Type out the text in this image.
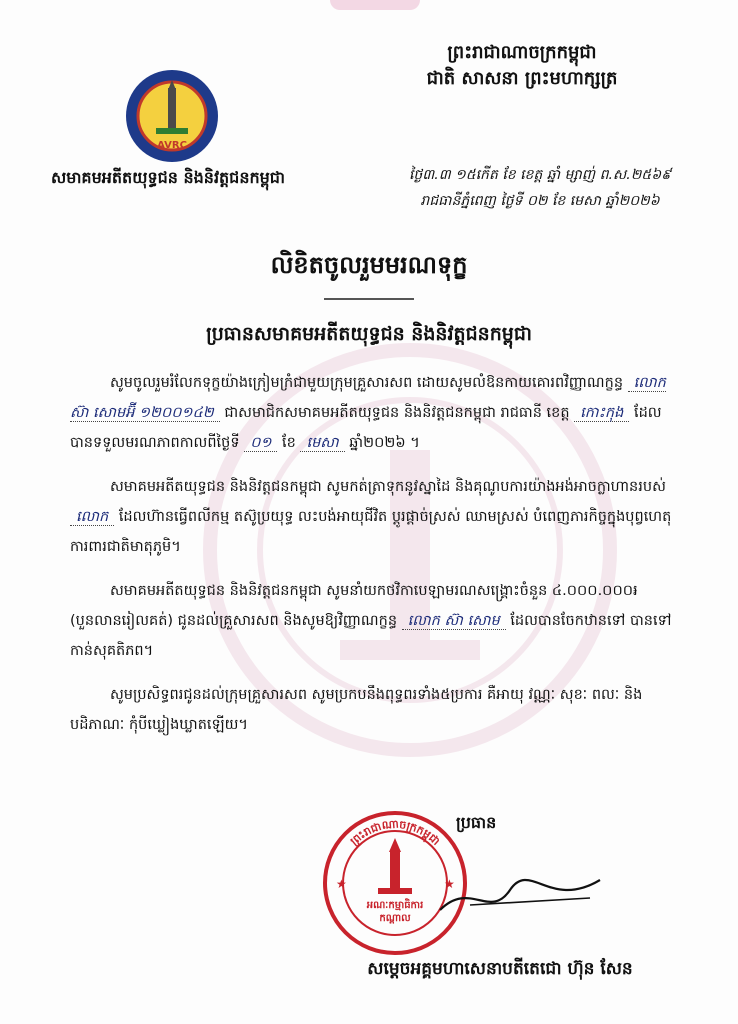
ព្រះរាជាណាចក្រកម្ពុជា
ជាតិ សាសនា ព្រះមហាក្សត្រ
AVRC
សមាគមអតីតយុទ្ធជន និងនិវត្តជនកម្ពុជា	ថ្ងៃ៣.៣ ១៥កើត ខែ ខេត្ត ឆ្នាំ ម្សាញ់ ព.ស.២៥៦៩
រាជធានីភ្នំពេញ ថ្ងៃទី ០២ ខែ មេសា ឆ្នាំ២០២៦
លិខិតចូលរួមមរណទុក្ខ
ប្រធានសមាគមអតីតយុទ្ធជន និងនិវត្តជនកម្ពុជា

សូមចូលរួមរំលែកទុក្ខយ៉ាងក្រៀមក្រំជាមួយក្រុមគ្រួសារសព ដោយសូមលំឱនកាយគោរពវិញ្ញាណក្ខន្ធ លោក ស៊ា សោមអ៊ី ១២០០១៤២ ជាសមាជិកសមាគមអតីតយុទ្ធជន និងនិវត្តជនកម្ពុជា រាជធានី ខេត្ត កោះកុង ដែលបានទទួលមរណភាពកាលពីថ្ងៃទី ០១ ខែ មេសា ឆ្នាំ២០២៦ ។

សមាគមអតីតយុទ្ធជន និងនិវត្តជនកម្ពុជា សូមកត់ត្រាទុកនូវស្នាដៃ និងគុណូបការយ៉ាងអង់អាចក្លាហានរបស់ លោក ដែលហ៊ានធ្វើពលីកម្ម តស៊ូប្រយុទ្ធ លះបង់អាយុជីវិត ប្តូរផ្តាច់ស្រស់ ឈាមស្រស់ បំពេញភារកិច្ចក្នុងបុព្វហេតុការពារជាតិមាតុភូមិ។

សមាគមអតីតយុទ្ធជន និងនិវត្តជនកម្ពុជា សូមនាំយកថវិកាបេឡាមរណសង្គ្រោះចំនួន ៤.០០០.០០០៛ (បួនលានរៀលគត់) ជូនដល់គ្រួសារសព និងសូមឱ្យវិញ្ញាណក្ខន្ធ លោក ស៊ា សោម ដែលបានចែកឋានទៅ បានទៅកាន់សុគតិភព។

សូមប្រសិទ្ធពរជូនដល់ក្រុមគ្រួសារសព សូមប្រកបនឹងពុទ្ធពរទាំង៥ប្រការ គឺអាយុ វណ្ណៈ សុខៈ ពលៈ និងបដិភាណៈ កុំបីឃ្លៀងឃ្លាតឡើយ។

ប្រធាន
ព្រះរាជាណាចក្រកម្ពុជា
អណៈកម្មាធិការ
កណ្តាល
★	★
សម្តេចអគ្គមហាសេនាបតីតេជោ ហ៊ុន សែន
